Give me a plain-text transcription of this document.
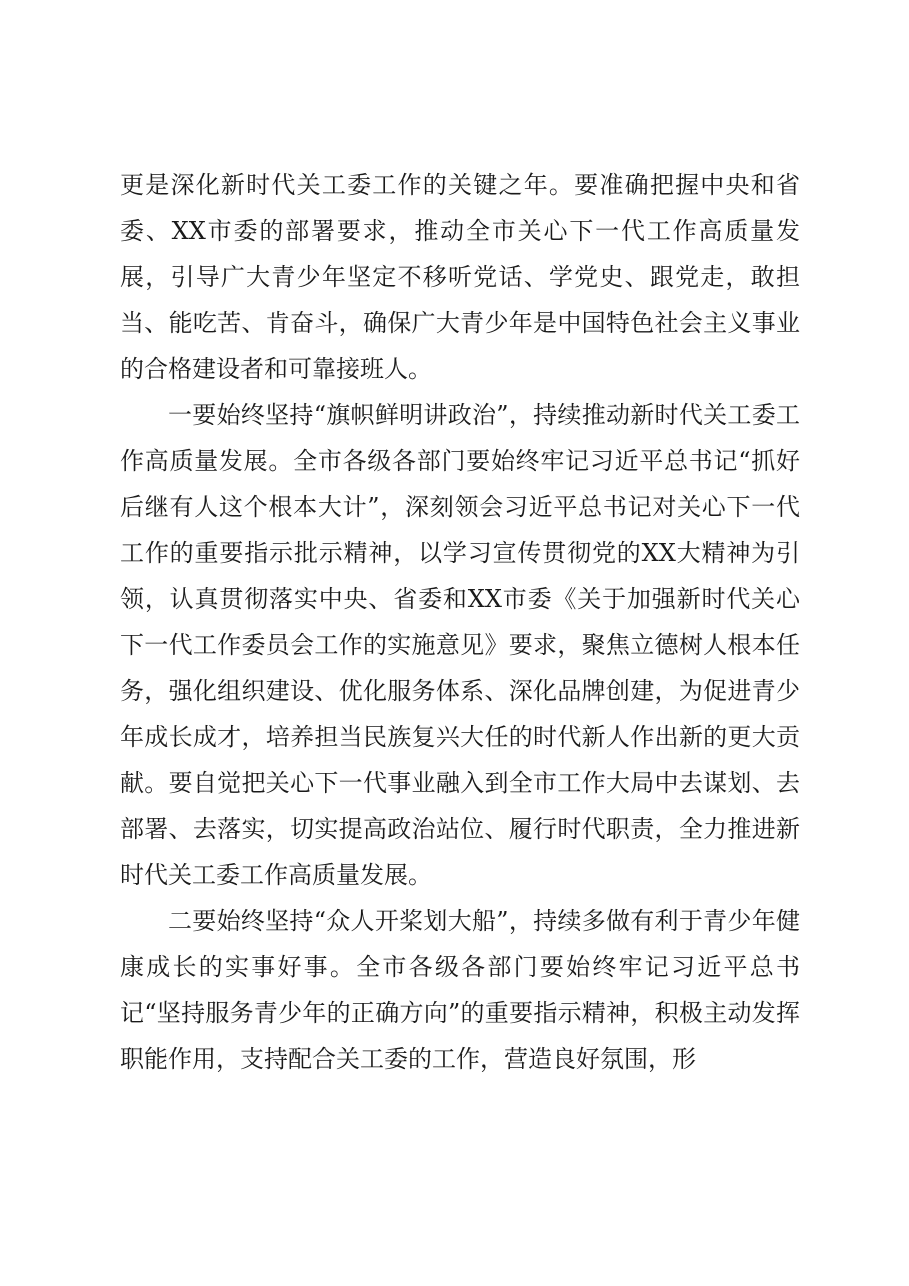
更是深化新时代关工委工作的关键之年。要准确把握中央和省委、XX市委的部署要求，推动全市关心下一代工作高质量发展，引导广大青少年坚定不移听党话、学党史、跟党走，敢担当、能吃苦、肯奋斗，确保广大青少年是中国特色社会主义事业的合格建设者和可靠接班人。

一要始终坚持“旗帜鲜明讲政治”，持续推动新时代关工委工作高质量发展。全市各级各部门要始终牢记习近平总书记“抓好后继有人这个根本大计”，深刻领会习近平总书记对关心下一代工作的重要指示批示精神，以学习宣传贯彻党的XX大精神为引领，认真贯彻落实中央、省委和XX市委《关于加强新时代关心下一代工作委员会工作的实施意见》要求，聚焦立德树人根本任务，强化组织建设、优化服务体系、深化品牌创建，为促进青少年成长成才，培养担当民族复兴大任的时代新人作出新的更大贡献。要自觉把关心下一代事业融入到全市工作大局中去谋划、去部署、去落实，切实提高政治站位、履行时代职责，全力推进新时代关工委工作高质量发展。

二要始终坚持“众人开桨划大船”，持续多做有利于青少年健康成长的实事好事。全市各级各部门要始终牢记习近平总书记“坚持服务青少年的正确方向”的重要指示精神，积极主动发挥职能作用，支持配合关工委的工作，营造良好氛围，形
